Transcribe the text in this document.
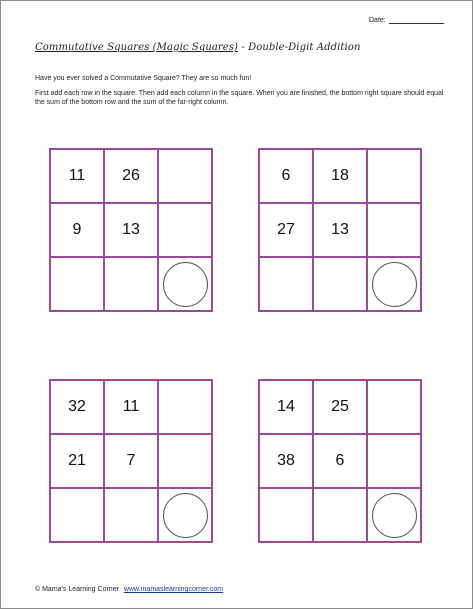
Date:
Commutative Squares (Magic Squares) - Double-Digit Addition

Have you ever solved a Commutative Square? They are so much fun!

First add each row in the square. Then add each column in the square. When you are finished, the bottom right square should equal the sum of the bottom row and the sum of the far-right column.

11	26
9	13
6	18
27	13
32	11
21	7
14	25
38	6
© Mama's Learning Corner www.mamaslearningcorner.com
